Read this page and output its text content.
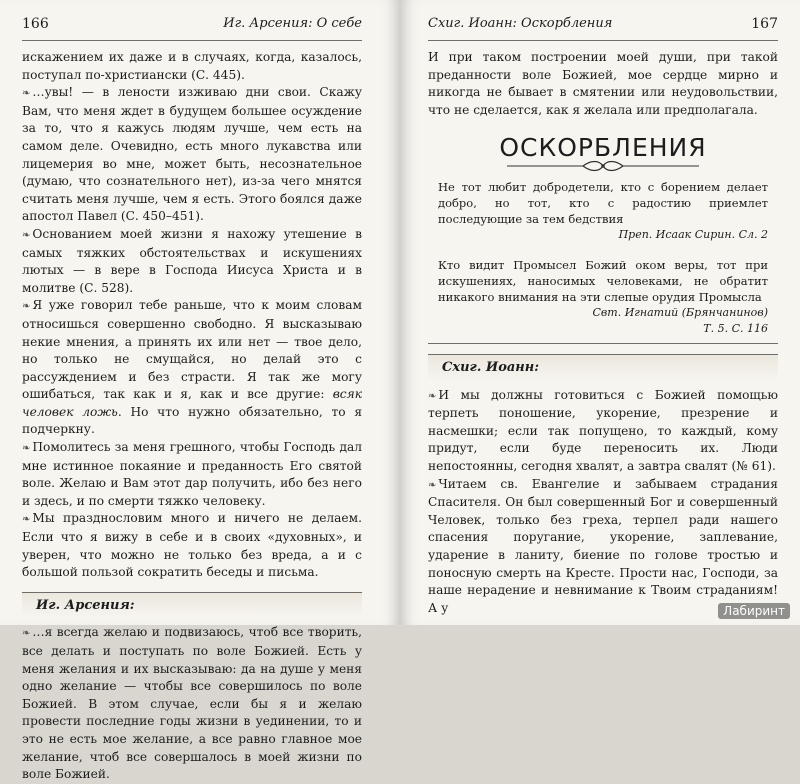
166	Иг. Арсения: О себе

искажением их даже и в случаях, когда, казалось, поступал по-христиански (С. 445).

❧ …увы! — в лености изживаю дни свои. Скажу Вам, что меня ждет в будущем большее осуждение за то, что я кажусь людям лучше, чем есть на самом деле. Очевидно, есть много лукавства или лицемерия во мне, может быть, несознательное (думаю, что сознательного нет), из-за чего мнятся считать меня лучше, чем я есть. Этого боялся даже апостол Павел (С. 450–451).

❧ Основанием моей жизни я нахожу утешение в самых тяжких обстоятельствах и искушениях лютых — в вере в Господа Иисуса Христа и в молитве (С. 528).

❧ Я уже говорил тебе раньше, что к моим словам относишься совершенно свободно. Я высказываю некие мнения, а принять их или нет — твое дело, но только не смущайся, но делай это с рассуждением и без страсти. Я так же могу ошибаться, так как и я, как и все другие: всяк человек ложь. Но что нужно обязательно, то я подчеркну.

❧ Помолитесь за меня грешного, чтобы Господь дал мне истинное покаяние и преданность Его святой воле. Желаю и Вам этот дар получить, ибо без него и здесь, и по смерти тяжко человеку.

❧ Мы празднословим много и ничего не делаем. Если что я вижу в себе и в своих «духовных», и уверен, что можно не только без вреда, а и с большой пользой сократить беседы и письма.

Иг. Арсения:

❧ …я всегда желаю и подвизаюсь, чтоб все творить, все делать и поступать по воле Божией. Есть у меня желания и их высказываю: да на душе у меня одно желание — чтобы все совершилось по воле Божией. В этом случае, если бы я и желаю провести последние годы жизни в уединении, то и это не есть мое желание, а все равно главное мое желание, чтоб все совершалось в моей жизни по воле Божией.

Схиг. Иоанн: Оскорбления	167

И при таком построении моей души, при такой преданности воле Божией, мое сердце мирно и никогда не бывает в смятении или неудовольствии, что не сделается, как я желала или предполагала.

ОСКОРБЛЕНИЯ

Не тот любит добродетели, кто с борением делает добро, но тот, кто с радостию приемлет последующие за тем бедствия

Преп. Исаак Сирин. Сл. 2

Кто видит Промысел Божий оком веры, тот при искушениях, наносимых человеками, не обратит никакого внимания на эти слепые орудия Промысла

Свт. Игнатий (Брянчанинов)
Т. 5. С. 116
Схиг. Иоанн:

❧ И мы должны готовиться с Божией помощью терпеть поношение, укорение, презрение и насмешки; если так попущено, то каждый, кому придут, если буде переносить их. Люди непостоянны, сегодня хвалят, а завтра свалят (№ 61).

❧ Читаем св. Евангелие и забываем страдания Спасителя. Он был совершенный Бог и совершенный Человек, только без греха, терпел ради нашего спасения поругание, укорение, заплевание, ударение в ланиту, биение по голове тростью и поносную смерть на Кресте. Прости нас, Господи, за наше нерадение и невнимание к Твоим страданиям! А у	Лабиринт
